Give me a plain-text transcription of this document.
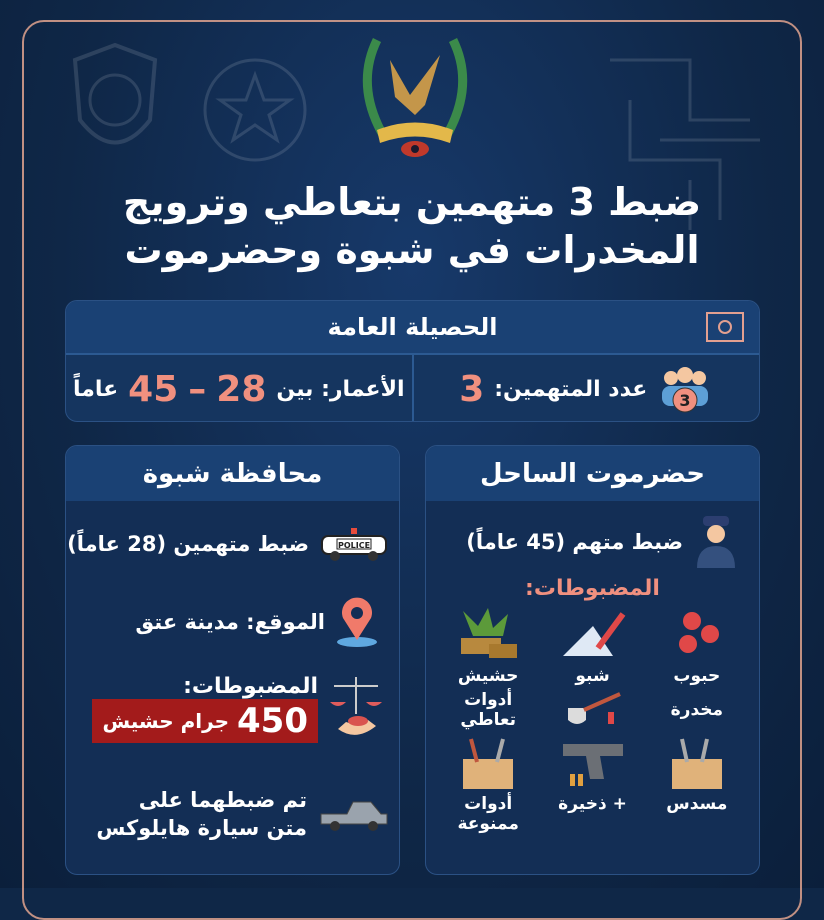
ضبط 3 متهمين بتعاطي وترويج
المخدرات في شبوة وحضرموت
الحصيلة العامة
3
عدد المتهمين:
3
الأعمار: بين
28
–
45
عاماً
محافظة شبوة
POLICE
ضبط متهمين (28 عاماً)
الموقع: مدينة عتق
المضبوطات:
450
جرام حشيش
تم ضبطهما على
متن سيارة هايلوكس
حضرموت الساحل
ضبط متهم (45 عاماً)
المضبوطات:
حبوب
شبو
حشيش
مخدرة
أدوات تعاطي
مسدس
+ ذخيرة
أدوات ممنوعة
